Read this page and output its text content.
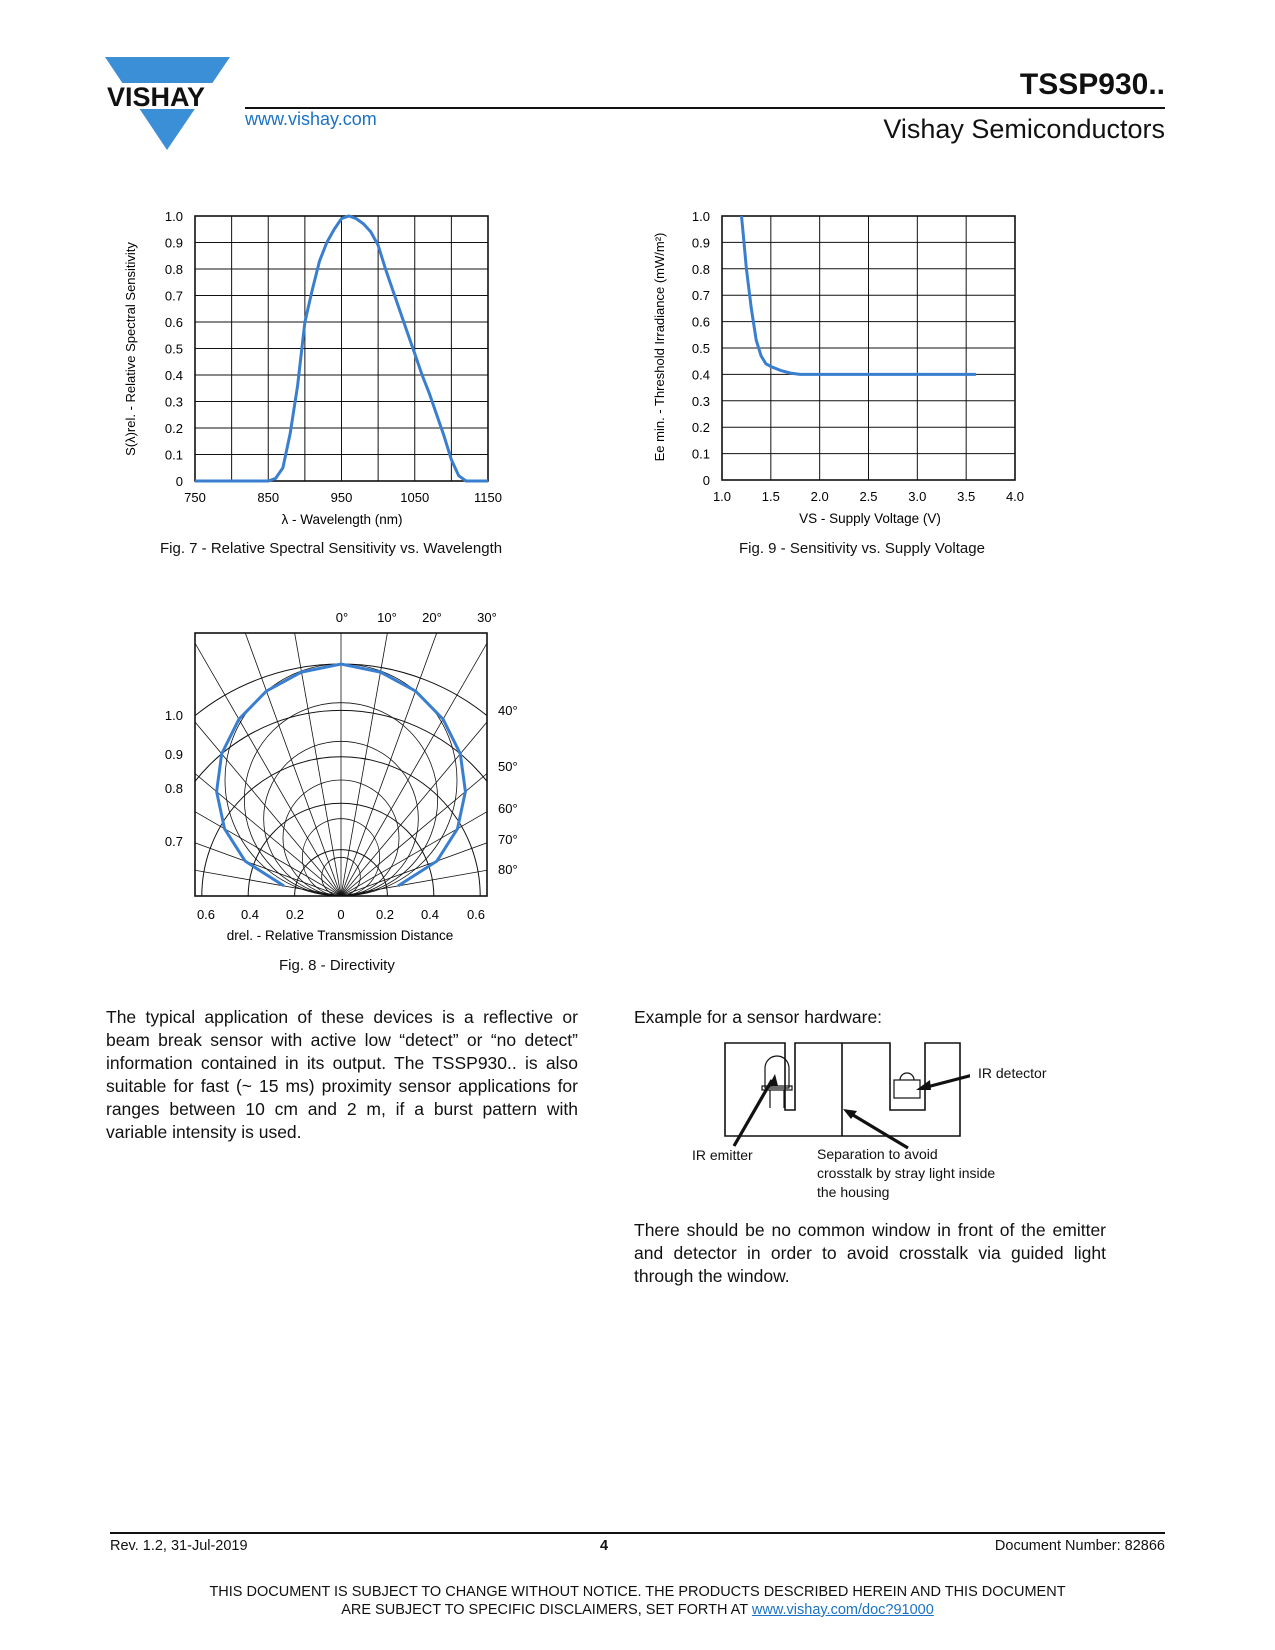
VISHAY
www.vishay.com
TSSP930..
Vishay Semiconductors
0
0.1
0.2
0.3
0.4
0.5
0.6
0.7
0.8
0.9
1.0
750	850	950	1050	1150
λ - Wavelength (nm)
S(λ)rel. - Relative Spectral Sensitivity
Fig. 7 - Relative Spectral Sensitivity vs. Wavelength
0
0.1
0.2
0.3
0.4
0.5
0.6
0.7
0.8
0.9
1.0
1.0 1.5 2.0 2.5 3.0 3.5 4.0
VS - Supply Voltage (V)
Ee min. - Threshold Irradiance (mW/m²)
Fig. 9 - Sensitivity vs. Supply Voltage
0.6 0.4 0.2	0 0.2 0.4 0.6
0° 10° 20°	30°
40°
50°
60°
70°
80°
1.0
0.9
0.8
0.7
drel. - Relative Transmission Distance
Fig. 8 - Directivity
The typical application of these devices is a reflective or beam break sensor with active low “detect” or “no detect” information contained in its output. The TSSP930.. is also suitable for fast (~ 15 ms) proximity sensor applications for ranges between 10 cm and 2 m, if a burst pattern with variable intensity is used.
Example for a sensor hardware:
IR detector
IR emitter	Separation to avoid
crosstalk by stray light inside
the housing
There should be no common window in front of the emitter and detector in order to avoid crosstalk via guided light through the window.
Rev. 1.2, 31-Jul-2019	4	Document Number: 82866
THIS DOCUMENT IS SUBJECT TO CHANGE WITHOUT NOTICE. THE PRODUCTS DESCRIBED HEREIN AND THIS DOCUMENT
ARE SUBJECT TO SPECIFIC DISCLAIMERS, SET FORTH AT www.vishay.com/doc?91000
